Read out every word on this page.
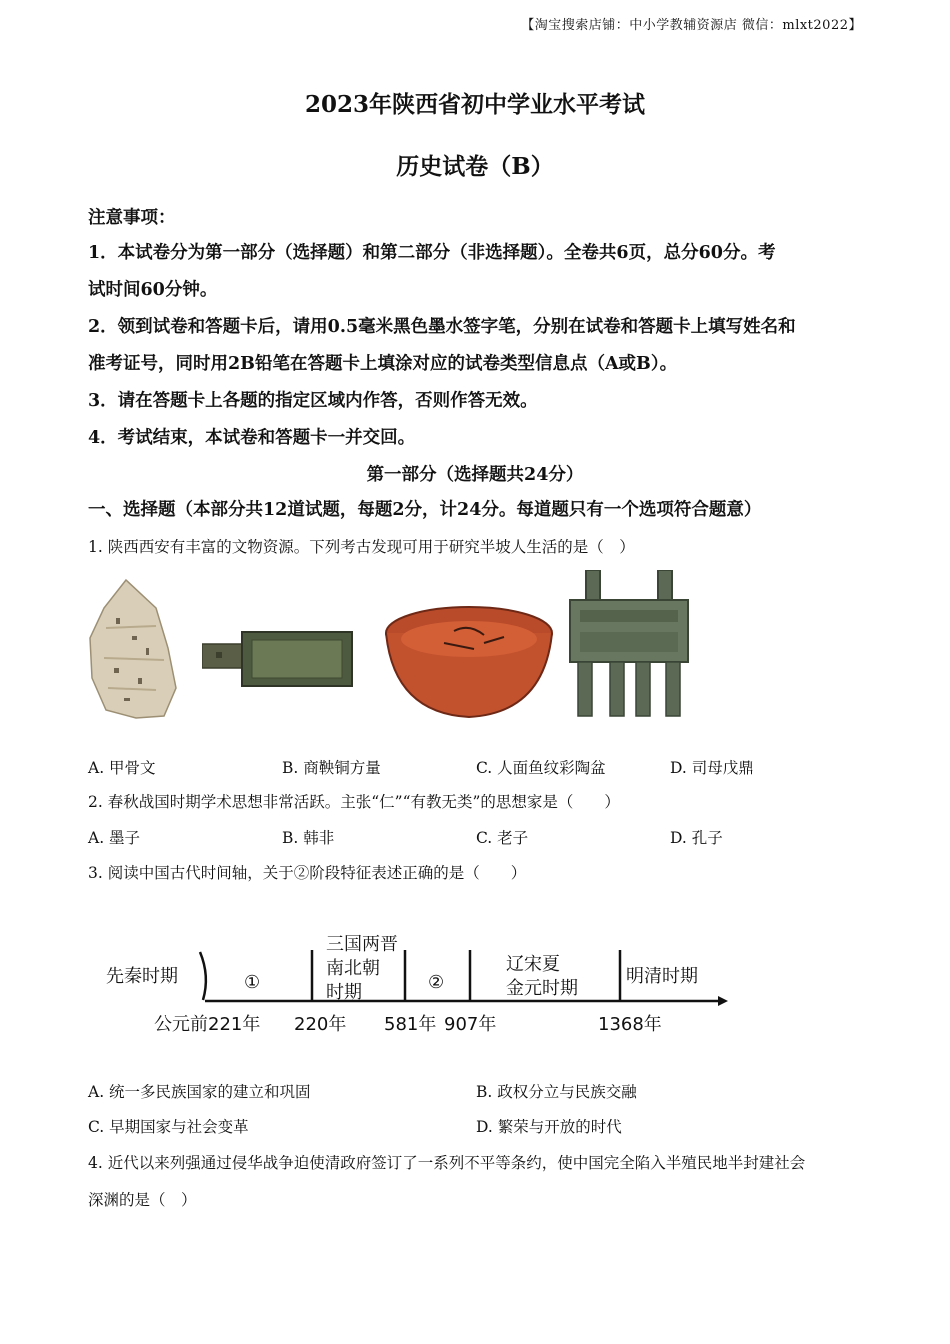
【淘宝搜索店铺：中小学教辅资源店 微信：mlxt2022】
2023年陕西省初中学业水平考试
历史试卷（B）
注意事项：
1．本试卷分为第一部分（选择题）和第二部分（非选择题）。全卷共6页，总分60分。考
试时间60分钟。
2．领到试卷和答题卡后，请用0.5毫米黑色墨水签字笔，分别在试卷和答题卡上填写姓名和
准考证号，同时用2B铅笔在答题卡上填涂对应的试卷类型信息点（A或B）。
3．请在答题卡上各题的指定区域内作答，否则作答无效。
4．考试结束，本试卷和答题卡一并交回。
第一部分（选择题共24分）
一、选择题（本部分共12道试题，每题2分，计24分。每道题只有一个选项符合题意）
1. 陕西西安有丰富的文物资源。下列考古发现可用于研究半坡人生活的是（　）
A. 甲骨文	B. 商鞅铜方量	C. 人面鱼纹彩陶盆	D. 司母戊鼎
2. 春秋战国时期学术思想非常活跃。主张“仁”“有教无类”的思想家是（　　）
A. 墨子	B. 韩非	C. 老子	D. 孔子
3. 阅读中国古代时间轴，关于②阶段特征表述正确的是（　　）
先秦时期	①
三国两晋
南北朝
时期	②
辽宋夏
金元时期
明清时期
公元前221年 220年 581年 907年	1368年
A. 统一多民族国家的建立和巩固	B. 政权分立与民族交融
C. 早期国家与社会变革	D. 繁荣与开放的时代
4. 近代以来列强通过侵华战争迫使清政府签订了一系列不平等条约，使中国完全陷入半殖民地半封建社会
深渊的是（　）
